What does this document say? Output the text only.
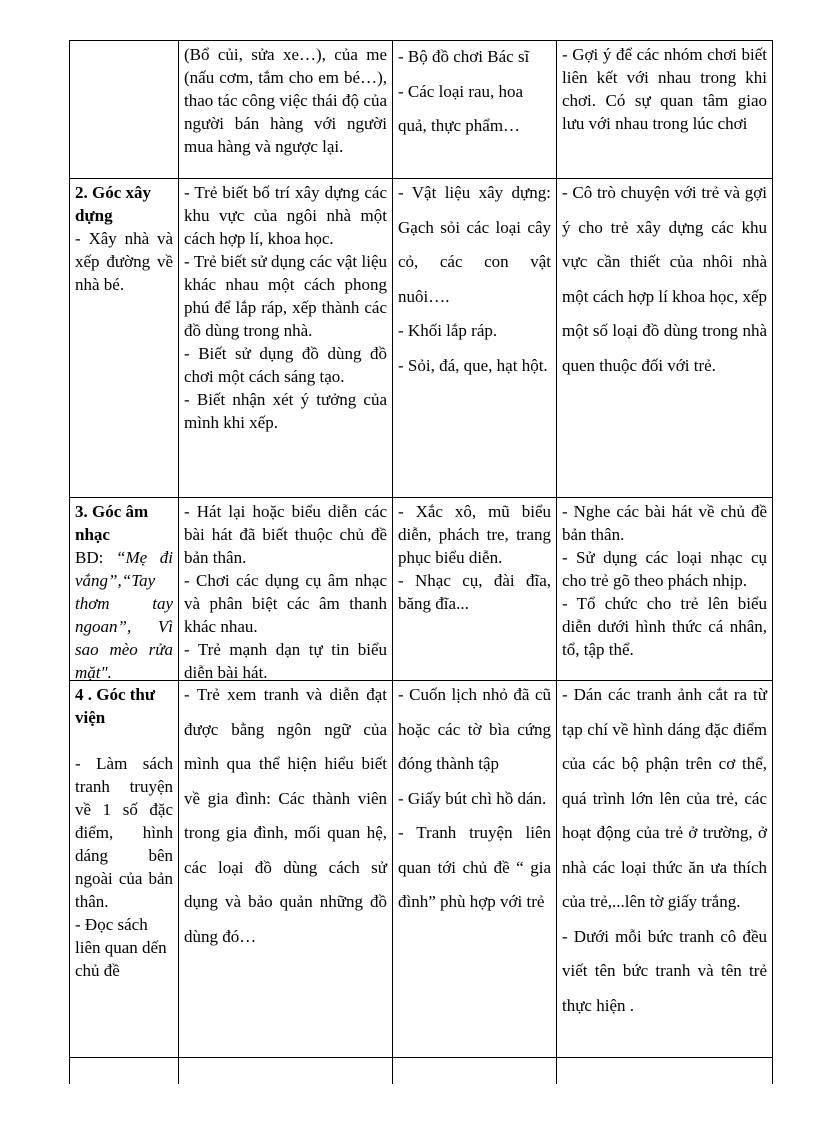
(Bổ củi, sửa xe…), của me (nấu cơm, tắm cho em bé…), thao tác công việc thái độ của người bán hàng với người mua hàng và ngược lại.

- Bộ đồ chơi Bác sĩ

- Các loại rau, hoa quả, thực phẩm…

- Gợi ý để các nhóm chơi biết liên kết với nhau trong khi chơi. Có sự quan tâm giao lưu với nhau trong lúc chơi

2. Góc xây dựng

- Xây nhà và xếp đường về nhà bé.

- Trẻ biết bố trí xây dựng các khu vực của ngôi nhà một cách hợp lí, khoa học.

- Trẻ biết sử dụng các vật liệu khác nhau một cách phong phú để lắp ráp, xếp thành các đồ dùng trong nhà.

- Biết sử dụng đồ dùng đồ chơi một cách sáng tạo.

- Biết nhận xét ý tưởng của mình khi xếp.

- Vật liệu xây dựng: Gạch sỏi các loại cây cỏ, các con vật nuôi….

- Khối lắp ráp.

- Sỏi, đá, que, hạt hột.

- Cô trò chuyện với trẻ và gợi ý cho trẻ xây dựng các khu vực cần thiết của nhôi nhà một cách hợp lí khoa học, xếp một số loại đồ dùng trong nhà quen thuộc đối với trẻ.

3. Góc âm nhạc

BD: “Mẹ đi vắng”,“Tay thơm tay ngoan”, Vì sao mèo rửa mặt".

- Hát lại hoặc biểu diễn các bài hát đã biết thuộc chủ đề bản thân.

- Chơi các dụng cụ âm nhạc và phân biệt các âm thanh khác nhau.

- Trẻ mạnh dạn tự tin biểu diễn bài hát.

- Xắc xô, mũ biểu diễn, phách tre, trang phục biểu diễn.

- Nhạc cụ, đài đĩa, băng đĩa...

- Nghe các bài hát về chủ đề bản thân.

- Sử dụng các loại nhạc cụ cho trẻ gõ theo phách nhịp.

- Tổ chức cho trẻ lên biểu diễn dưới hình thức cá nhân, tổ, tập thể.

4 . Góc thư viện

- Làm sách tranh truyện về 1 số đặc điểm, hình dáng bên ngoài của bản thân.

- Đọc sách liên quan dến chủ đề

- Trẻ xem tranh và diễn đạt được bằng ngôn ngữ của mình qua thể hiện hiểu biết về gia đình: Các thành viên trong gia đình, mối quan hệ, các loại đồ dùng cách sử dụng và bảo quản những đồ dùng đó…

- Cuốn lịch nhỏ đã cũ hoặc các tờ bìa cứng đóng thành tập

- Giấy bút chì hồ dán.

- Tranh truyện liên quan tới chủ đề “ gia đình” phù hợp với trẻ

- Dán các tranh ảnh cắt ra từ tạp chí về hình dáng đặc điểm của các bộ phận trên cơ thể, quá trình lớn lên của trẻ, các hoạt động của trẻ ở trường, ở nhà các loại thức ăn ưa thích của trẻ,...lên tờ giấy trắng.

- Dưới mỗi bức tranh cô đều viết tên bức tranh và tên trẻ thực hiện .
